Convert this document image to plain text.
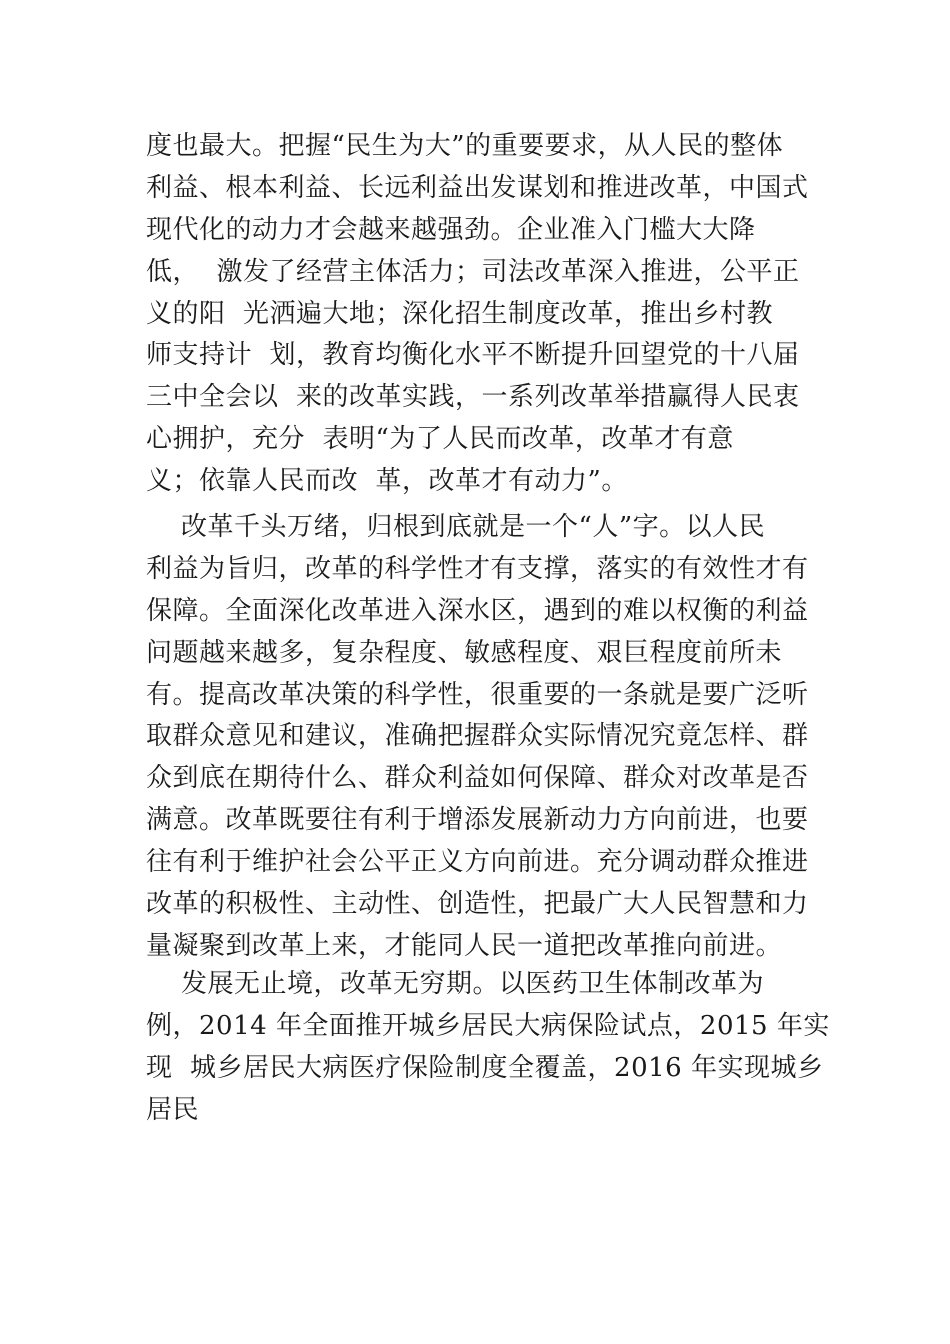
度也最大。把握“民生为大”的重要要求，从人民的整体
利益、根本利益、长远利益出发谋划和推进改革，中国式
现代化的动力才会越来越强劲。企业准入门槛大大降
低，  激发了经营主体活力；司法改革深入推进，公平正
义的阳  光洒遍大地；深化招生制度改革，推出乡村教
师支持计  划，教育均衡化水平不断提升回望党的十八届
三中全会以  来的改革实践，一系列改革举措赢得人民衷
心拥护，充分  表明“为了人民而改革，改革才有意
义；依靠人民而改  革，改革才有动力”。
改革千头万绪，归根到底就是一个“人”字。以人民
利益为旨归，改革的科学性才有支撑，落实的有效性才有
保障。全面深化改革进入深水区，遇到的难以权衡的利益
问题越来越多，复杂程度、敏感程度、艰巨程度前所未
有。提高改革决策的科学性，很重要的一条就是要广泛听
取群众意见和建议，准确把握群众实际情况究竟怎样、群
众到底在期待什么、群众利益如何保障、群众对改革是否
满意。改革既要往有利于增添发展新动力方向前进，也要
往有利于维护社会公平正义方向前进。充分调动群众推进
改革的积极性、主动性、创造性，把最广大人民智慧和力
量凝聚到改革上来，才能同人民一道把改革推向前进。
发展无止境，改革无穷期。以医药卫生体制改革为
例，2014 年全面推开城乡居民大病保险试点，2015 年实
现  城乡居民大病医疗保险制度全覆盖，2016 年实现城乡
居民
